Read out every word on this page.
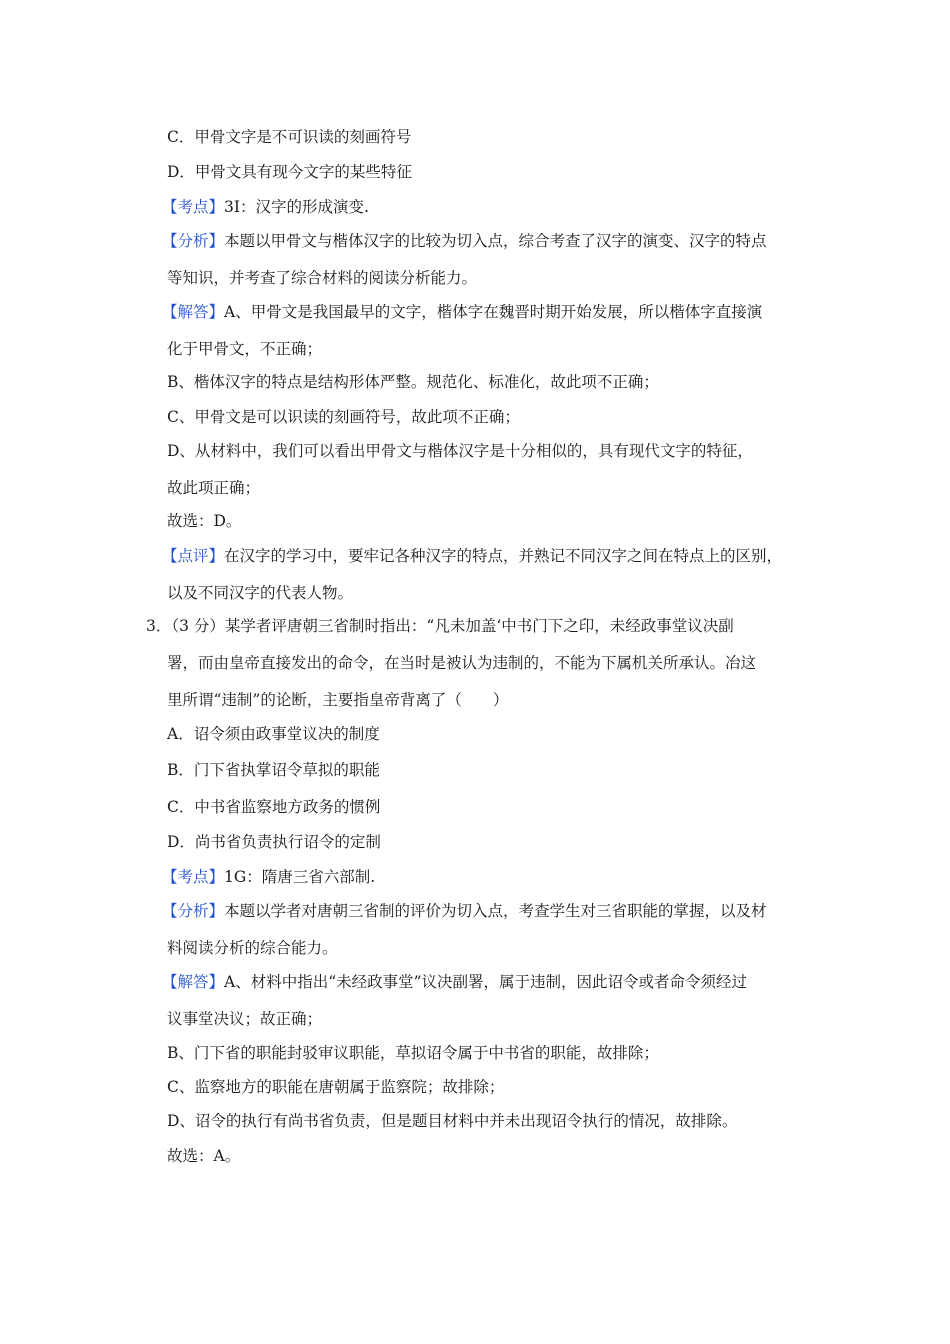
C．甲骨文字是不可识读的刻画符号

D．甲骨文具有现今文字的某些特征

【考点】3I：汉字的形成演变.

【分析】本题以甲骨文与楷体汉字的比较为切入点，综合考查了汉字的演变、汉字的特点

等知识，并考查了综合材料的阅读分析能力。

【解答】A、甲骨文是我国最早的文字，楷体字在魏晋时期开始发展，所以楷体字直接演

化于甲骨文，不正确；

B、楷体汉字的特点是结构形体严整。规范化、标准化，故此项不正确；

C、甲骨文是可以识读的刻画符号，故此项不正确；

D、从材料中，我们可以看出甲骨文与楷体汉字是十分相似的，具有现代文字的特征，

故此项正确；

故选：D。

【点评】在汉字的学习中，要牢记各种汉字的特点，并熟记不同汉字之间在特点上的区别，

以及不同汉字的代表人物。

3．（3 分）某学者评唐朝三省制时指出：“凡未加盖‘中书门下之印，未经政事堂议决副

署，而由皇帝直接发出的命令，在当时是被认为违制的，不能为下属机关所承认。冶这

里所谓“违制”的论断，主要指皇帝背离了（　　）

A．诏令须由政事堂议决的制度

B．门下省执掌诏令草拟的职能

C．中书省监察地方政务的惯例

D．尚书省负责执行诏令的定制

【考点】1G：隋唐三省六部制.

【分析】本题以学者对唐朝三省制的评价为切入点，考查学生对三省职能的掌握，以及材

料阅读分析的综合能力。

【解答】A、材料中指出“未经政事堂”议决副署，属于违制，因此诏令或者命令须经过

议事堂决议；故正确；

B、门下省的职能封驳审议职能，草拟诏令属于中书省的职能，故排除；

C、监察地方的职能在唐朝属于监察院；故排除；

D、诏令的执行有尚书省负责，但是题目材料中并未出现诏令执行的情况，故排除。

故选：A。
